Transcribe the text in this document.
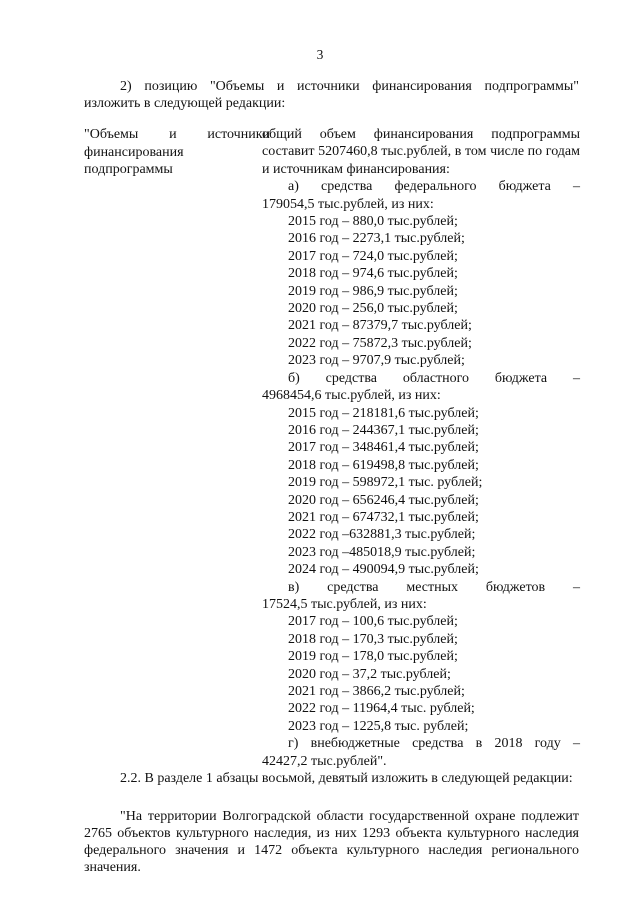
3
2) позицию "Объемы и источники финансирования подпрограммы" изложить в следующей редакции:
"Объемы и источники финансирования подпрограммы
общий объем финансирования подпрограммы составит 5207460,8 тыс.рублей, в том числе по годам и источникам финансирования:
а) средства федерального бюджета –
179054,5 тыс.рублей, из них:
2015 год – 880,0 тыс.рублей;
2016 год – 2273,1 тыс.рублей;
2017 год – 724,0 тыс.рублей;
2018 год – 974,6 тыс.рублей;
2019 год – 986,9 тыс.рублей;
2020 год – 256,0 тыс.рублей;
2021 год – 87379,7 тыс.рублей;
2022 год – 75872,3 тыс.рублей;
2023 год – 9707,9 тыс.рублей;
б) средства областного бюджета –
4968454,6 тыс.рублей, из них:
2015 год – 218181,6 тыс.рублей;
2016 год – 244367,1 тыс.рублей;
2017 год – 348461,4 тыс.рублей;
2018 год – 619498,8 тыс.рублей;
2019 год – 598972,1 тыс. рублей;
2020 год – 656246,4 тыс.рублей;
2021 год – 674732,1 тыс.рублей;
2022 год –632881,3 тыс.рублей;
2023 год –485018,9 тыс.рублей;
2024 год – 490094,9 тыс.рублей;
в) средства местных бюджетов –
17524,5 тыс.рублей, из них:
2017 год – 100,6 тыс.рублей;
2018 год – 170,3 тыс.рублей;
2019 год – 178,0 тыс.рублей;
2020 год – 37,2 тыс.рублей;
2021 год – 3866,2 тыс.рублей;
2022 год – 11964,4 тыс. рублей;
2023 год – 1225,8 тыс. рублей;
г) внебюджетные средства в 2018 году –
42427,2 тыс.рублей".
2.2. В разделе 1 абзацы восьмой, девятый изложить в следующей редакции:
"На территории Волгоградской области государственной охране подлежит 2765 объектов культурного наследия, из них 1293 объекта культурного наследия федерального значения и 1472 объекта культурного наследия регионального значения.
